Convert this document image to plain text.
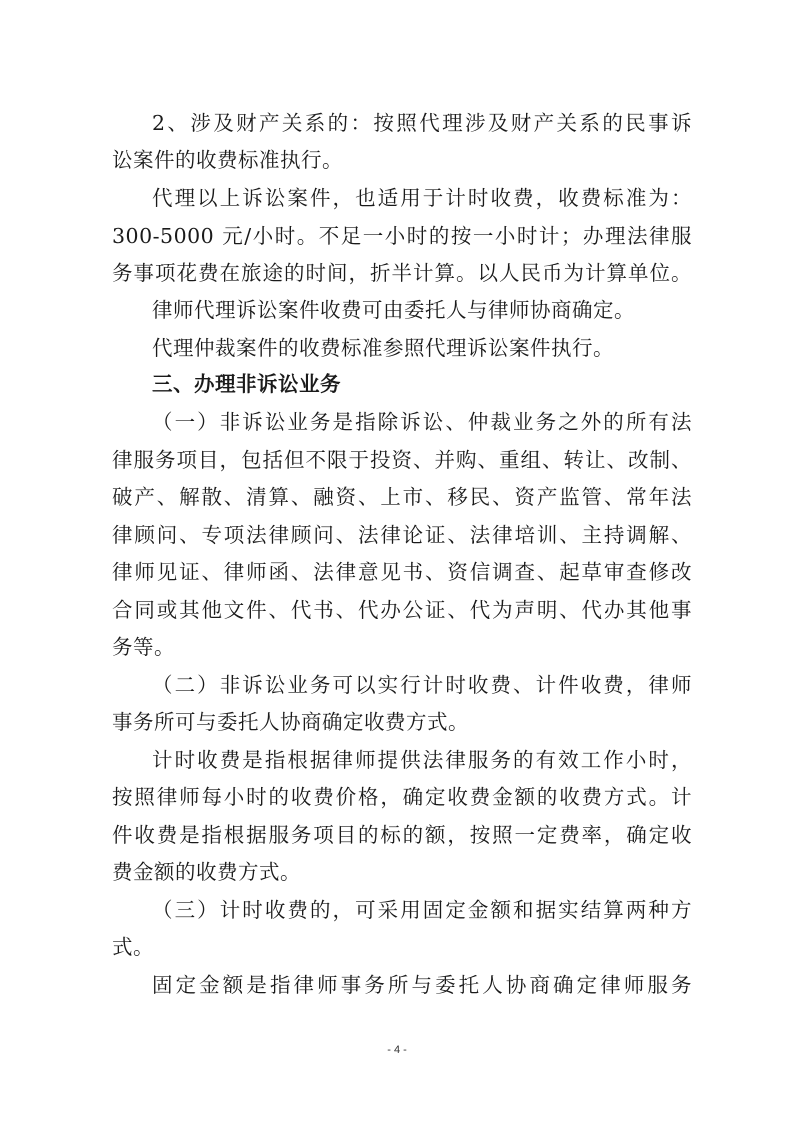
2、涉及财产关系的：按照代理涉及财产关系的民事诉
讼案件的收费标准执行。
代理以上诉讼案件，也适用于计时收费，收费标准为：
300-5000 元/小时。不足一小时的按一小时计；办理法律服
务事项花费在旅途的时间，折半计算。以人民币为计算单位。
律师代理诉讼案件收费可由委托人与律师协商确定。
代理仲裁案件的收费标准参照代理诉讼案件执行。
三、办理非诉讼业务
（一）非诉讼业务是指除诉讼、仲裁业务之外的所有法
律服务项目，包括但不限于投资、并购、重组、转让、改制、
破产、解散、清算、融资、上市、移民、资产监管、常年法
律顾问、专项法律顾问、法律论证、法律培训、主持调解、
律师见证、律师函、法律意见书、资信调查、起草审查修改
合同或其他文件、代书、代办公证、代为声明、代办其他事
务等。
（二）非诉讼业务可以实行计时收费、计件收费，律师
事务所可与委托人协商确定收费方式。
计时收费是指根据律师提供法律服务的有效工作小时，
按照律师每小时的收费价格，确定收费金额的收费方式。计
件收费是指根据服务项目的标的额，按照一定费率，确定收
费金额的收费方式。
（三）计时收费的，可采用固定金额和据实结算两种方
式。
固定金额是指律师事务所与委托人协商确定律师服务
- 4 -
